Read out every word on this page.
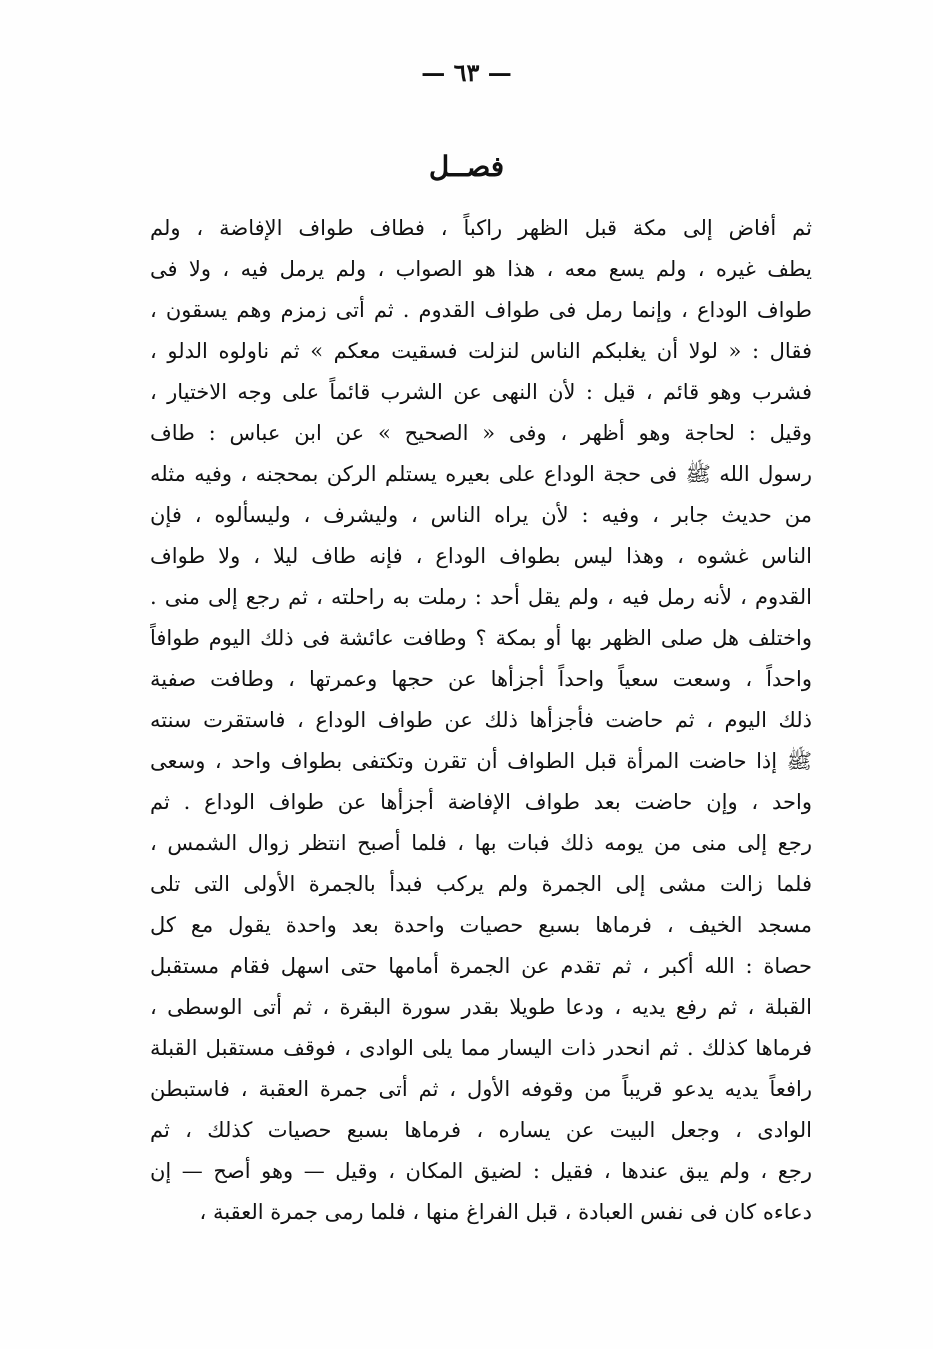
— ٦٣ —
فصــل
ثم أفاض إلى مكة قبل الظهر راكباً ، فطاف طواف الإفاضة ، ولم
يطف غيره ، ولم يسع معه ، هذا هو الصواب ، ولم يرمل فيه ، ولا فى
طواف الوداع ، وإنما رمل فى طواف القدوم . ثم أتى زمزم وهم يسقون ،
فقال : « لولا أن يغلبكم الناس لنزلت فسقيت معكم » ثم ناولوه الدلو ،
فشرب وهو قائم ، قيل : لأن النهى عن الشرب قائماً على وجه الاختيار ،
وقيل : لحاجة وهو أظهر ، وفى « الصحيح » عن ابن عباس : طاف
رسول الله ﷺ فى حجة الوداع على بعيره يستلم الركن بمحجنه ، وفيه مثله
من حديث جابر ، وفيه : لأن يراه الناس ، وليشرف ، وليسألوه ، فإن
الناس غشوه ، وهذا ليس بطواف الوداع ، فإنه طاف ليلا ، ولا طواف
القدوم ، لأنه رمل فيه ، ولم يقل أحد : رملت به راحلته ، ثم رجع إلى منى .
واختلف هل صلى الظهر بها أو بمكة ؟ وطافت عائشة فى ذلك اليوم طوافاً
واحداً ، وسعت سعياً واحداً أجزأها عن حجها وعمرتها ، وطافت صفية
ذلك اليوم ، ثم حاضت فأجزأها ذلك عن طواف الوداع ، فاستقرت سنته
ﷺ إذا حاضت المرأة قبل الطواف أن تقرن وتكتفى بطواف واحد ، وسعى
واحد ، وإن حاضت بعد طواف الإفاضة أجزأها عن طواف الوداع . ثم
رجع إلى منى من يومه ذلك فبات بها ، فلما أصبح انتظر زوال الشمس ،
فلما زالت مشى إلى الجمرة ولم يركب فبدأ بالجمرة الأولى التى تلى
مسجد الخيف ، فرماها بسبع حصيات واحدة بعد واحدة يقول مع كل
حصاة : الله أكبر ، ثم تقدم عن الجمرة أمامها حتى اسهل فقام مستقبل
القبلة ، ثم رفع يديه ، ودعا طويلا بقدر سورة البقرة ، ثم أتى الوسطى ،
فرماها كذلك . ثم انحدر ذات اليسار مما يلى الوادى ، فوقف مستقبل القبلة
رافعاً يديه يدعو قريباً من وقوفه الأول ، ثم أتى جمرة العقبة ، فاستبطن
الوادى ، وجعل البيت عن يساره ، فرماها بسبع حصيات كذلك ، ثم
رجع ، ولم يبق عندها ، فقيل : لضيق المكان ، وقيل — وهو أصح — إن
دعاءه كان فى نفس العبادة ، قبل الفراغ منها ، فلما رمى جمرة العقبة ،
